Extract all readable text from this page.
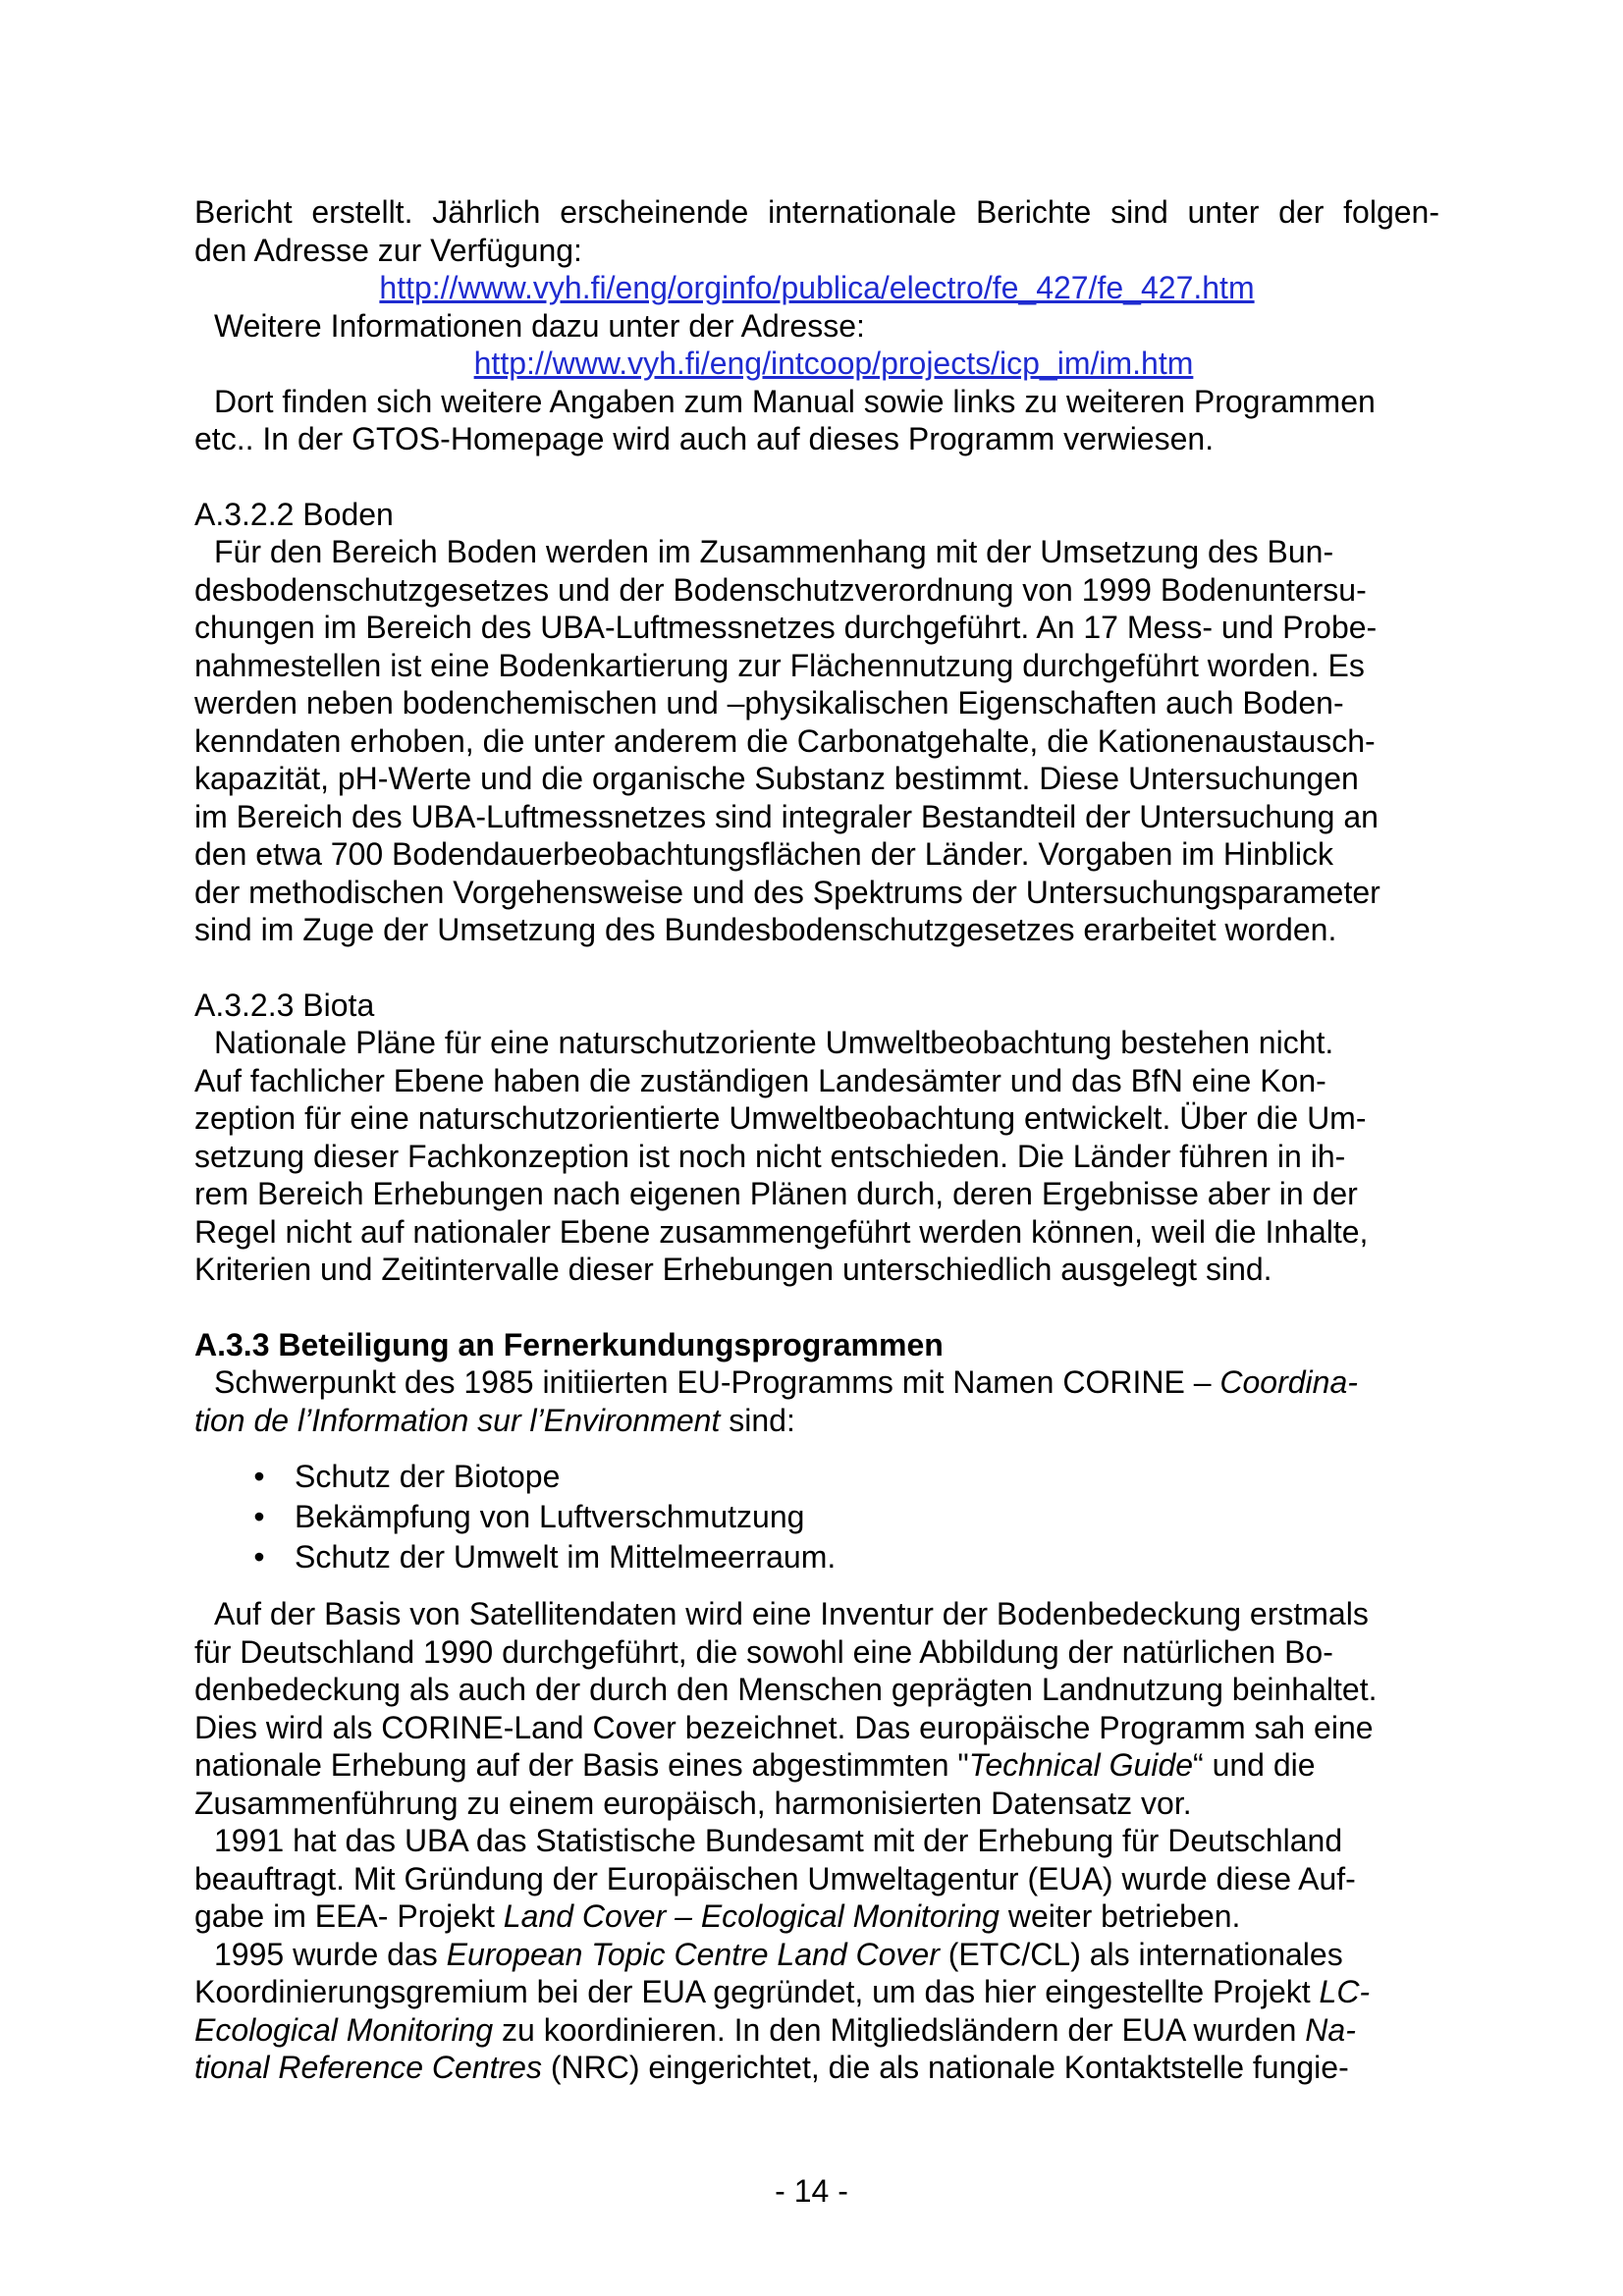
Bericht erstellt. Jährlich erscheinende internationale Berichte sind unter der folgen-
den Adresse zur Verfügung:

http://www.vyh.fi/eng/orginfo/publica/electro/fe_427/fe_427.htm

Weitere Informationen dazu unter der Adresse:

http://www.vyh.fi/eng/intcoop/projects/icp_im/im.htm

Dort finden sich weitere Angaben zum Manual sowie links zu weiteren Programmen
etc.. In der GTOS-Homepage wird auch auf dieses Programm verwiesen.

A.3.2.2 Boden

Für den Bereich Boden werden im Zusammenhang mit der Umsetzung des Bun-
desbodenschutzgesetzes und der Bodenschutzverordnung von 1999 Bodenuntersu-
chungen im Bereich des UBA-Luftmessnetzes durchgeführt. An 17 Mess- und Probe-
nahmestellen ist eine Bodenkartierung zur Flächennutzung durchgeführt worden. Es
werden neben bodenchemischen und –physikalischen Eigenschaften auch Boden-
kenndaten erhoben, die unter anderem die Carbonatgehalte, die Kationenaustausch-
kapazität, pH-Werte und die organische Substanz bestimmt. Diese Untersuchungen
im Bereich des UBA-Luftmessnetzes sind integraler Bestandteil der Untersuchung an
den etwa 700 Bodendauerbeobachtungsflächen der Länder. Vorgaben im Hinblick
der methodischen Vorgehensweise und des Spektrums der Untersuchungsparameter
sind im Zuge der Umsetzung des Bundesbodenschutzgesetzes erarbeitet worden.

A.3.2.3 Biota

Nationale Pläne für eine naturschutzoriente Umweltbeobachtung bestehen nicht.
Auf fachlicher Ebene haben die zuständigen Landesämter und das BfN eine Kon-
zeption für eine naturschutzorientierte Umweltbeobachtung entwickelt. Über die Um-
setzung dieser Fachkonzeption ist noch nicht entschieden. Die Länder führen in ih-
rem Bereich Erhebungen nach eigenen Plänen durch, deren Ergebnisse aber in der
Regel nicht auf nationaler Ebene zusammengeführt werden können, weil die Inhalte,
Kriterien und Zeitintervalle dieser Erhebungen unterschiedlich ausgelegt sind.

A.3.3 Beteiligung an Fernerkundungsprogrammen

Schwerpunkt des 1985 initiierten EU-Programms mit Namen CORINE – Coordina-
tion de l’Information sur l’Environment sind:

• Schutz der Biotope
• Bekämpfung von Luftverschmutzung
• Schutz der Umwelt im Mittelmeerraum.

Auf der Basis von Satellitendaten wird eine Inventur der Bodenbedeckung erstmals
für Deutschland 1990 durchgeführt, die sowohl eine Abbildung der natürlichen Bo-
denbedeckung als auch der durch den Menschen geprägten Landnutzung beinhaltet.
Dies wird als CORINE-Land Cover bezeichnet. Das europäische Programm sah eine
nationale Erhebung auf der Basis eines abgestimmten "Technical Guide“ und die
Zusammenführung zu einem europäisch, harmonisierten Datensatz vor.

1991 hat das UBA das Statistische Bundesamt mit der Erhebung für Deutschland
beauftragt. Mit Gründung der Europäischen Umweltagentur (EUA) wurde diese Auf-
gabe im EEA- Projekt Land Cover – Ecological Monitoring weiter betrieben.

1995 wurde das European Topic Centre Land Cover (ETC/CL) als internationales
Koordinierungsgremium bei der EUA gegründet, um das hier eingestellte Projekt LC-
Ecological Monitoring zu koordinieren. In den Mitgliedsländern der EUA wurden Na-
tional Reference Centres (NRC) eingerichtet, die als nationale Kontaktstelle fungie-

- 14 -
